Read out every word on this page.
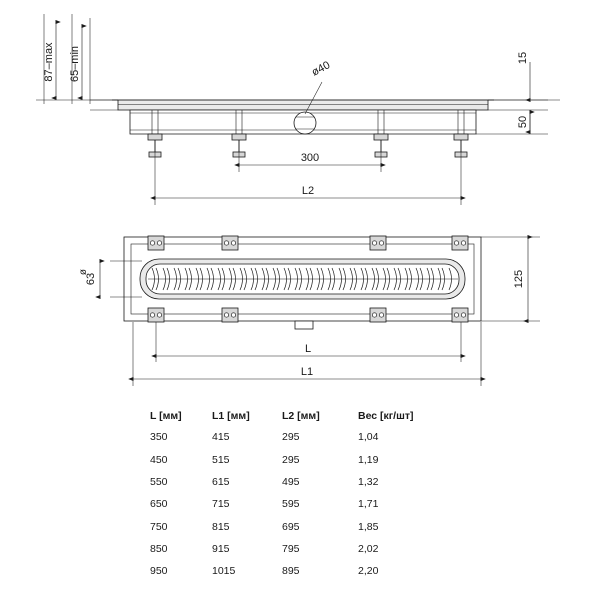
ø40
87–max 65–min	15
50
300
L2
63
ø	125
L
L1
L [мм]	L1 [мм]	L2 [мм]	Вес [кг/шт]
350	415	295	1,04
450	515	295	1,19
550	615	495	1,32
650	715	595	1,71
750	815	695	1,85
850	915	795	2,02
950	1015	895	2,20
